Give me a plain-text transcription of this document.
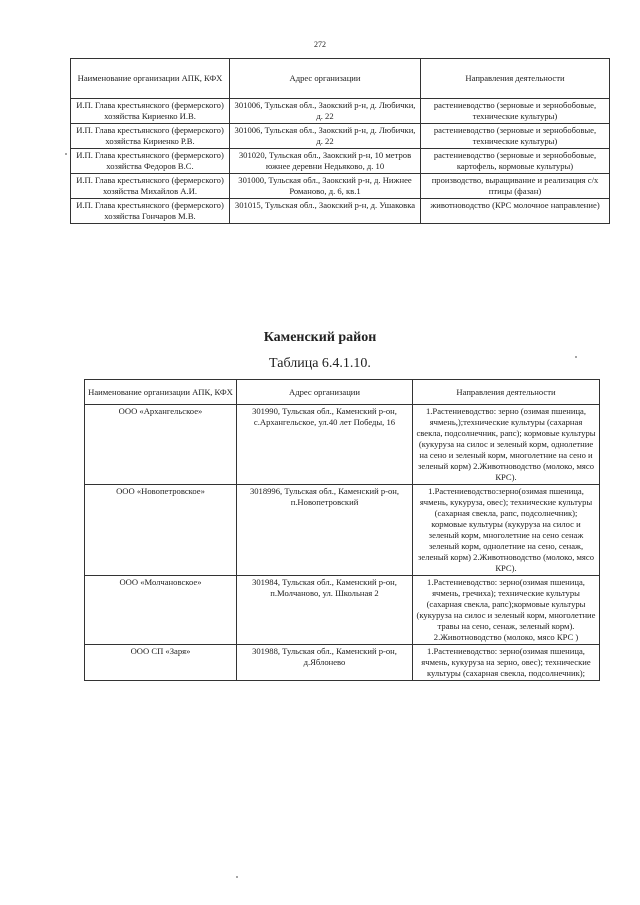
272
Наименование организации АПК, КФХ	Адрес организации	Направления деятельности
И.П. Глава крестьянского (фермерского) хозяйства Кириенко И.В.	301006, Тульская обл., Заокский р-н, д. Любички, д. 22	растениеводство (зерновые и зернобобовые, технические культуры)
И.П. Глава крестьянского (фермерского) хозяйства Кириенко Р.В.	301006, Тульская обл., Заокский р-н, д. Любички, д. 22	растениеводство (зерновые и зернобобовые, технические культуры)
И.П. Глава крестьянского (фермерского) хозяйства Федоров В.С.	301020, Тульская обл., Заокский р-н, 10 метров южнее деревни Недьяково, д. 10	растениеводство (зерновые и зернобобовые, картофель, кормовые культуры)
И.П. Глава крестьянского (фермерского) хозяйства Михайлов А.И.	301000, Тульская обл., Заокский р-н, д. Нижнее Романово, д. 6, кв.1	производство, выращивание и реализация с/х птицы (фазан)
И.П. Глава крестьянского (фермерского) хозяйства Гончаров М.В.	301015, Тульская обл., Заокский р-н, д. Ушаковка	животноводство (КРС молочное направление)
Каменский район
Таблица 6.4.1.10.
Наименование организации АПК, КФХ	Адрес организации	Направления деятельности
ООО «Архангельское»	301990, Тульская обл., Каменский р-он, с.Архангельское, ул.40 лет Победы, 16	1.Растениеводство: зерно (озимая пшеница, ячмень,);технические культуры (сахарная свекла, подсолнечник, рапс); кормовые культуры (кукуруза на силос и зеленый корм, однолетние на сено и зеленый корм, многолетние на сено и зеленый корм) 2.Животноводство (молоко, мясо КРС).
ООО «Новопетровское»	3018996, Тульская обл., Каменский р-он, п.Новопетровский	1.Растениеводство:зерно(озимая пшеница, ячмень, кукуруза, овес); технические культуры (сахарная свекла, рапс, подсолнечник); кормовые культуры (кукуруза на силос и зеленый корм, многолетние на сено сенаж зеленый корм, однолетние на сено, сенаж, зеленый корм) 2.Животноводство (молоко, мясо КРС).
ООО «Молчановское»	301984, Тульская обл., Каменский р-он, п.Молчаново, ул. Школьная 2	1.Растениеводство: зерно(озимая пшеница, ячмень, гречиха); технические культуры (сахарная свекла, рапс);кормовые культуры (кукуруза на силос и зеленый корм, многолетние травы на сено, сенаж, зеленый корм). 2.Животноводство (молоко, мясо КРС )
ООО СП «Заря»	301988, Тульская обл., Каменский р-он, д.Яблонево	1.Растениеводство: зерно(озимая пшеница, ячмень, кукуруза на зерно, овес); технические культуры (сахарная свекла, подсолнечник);
